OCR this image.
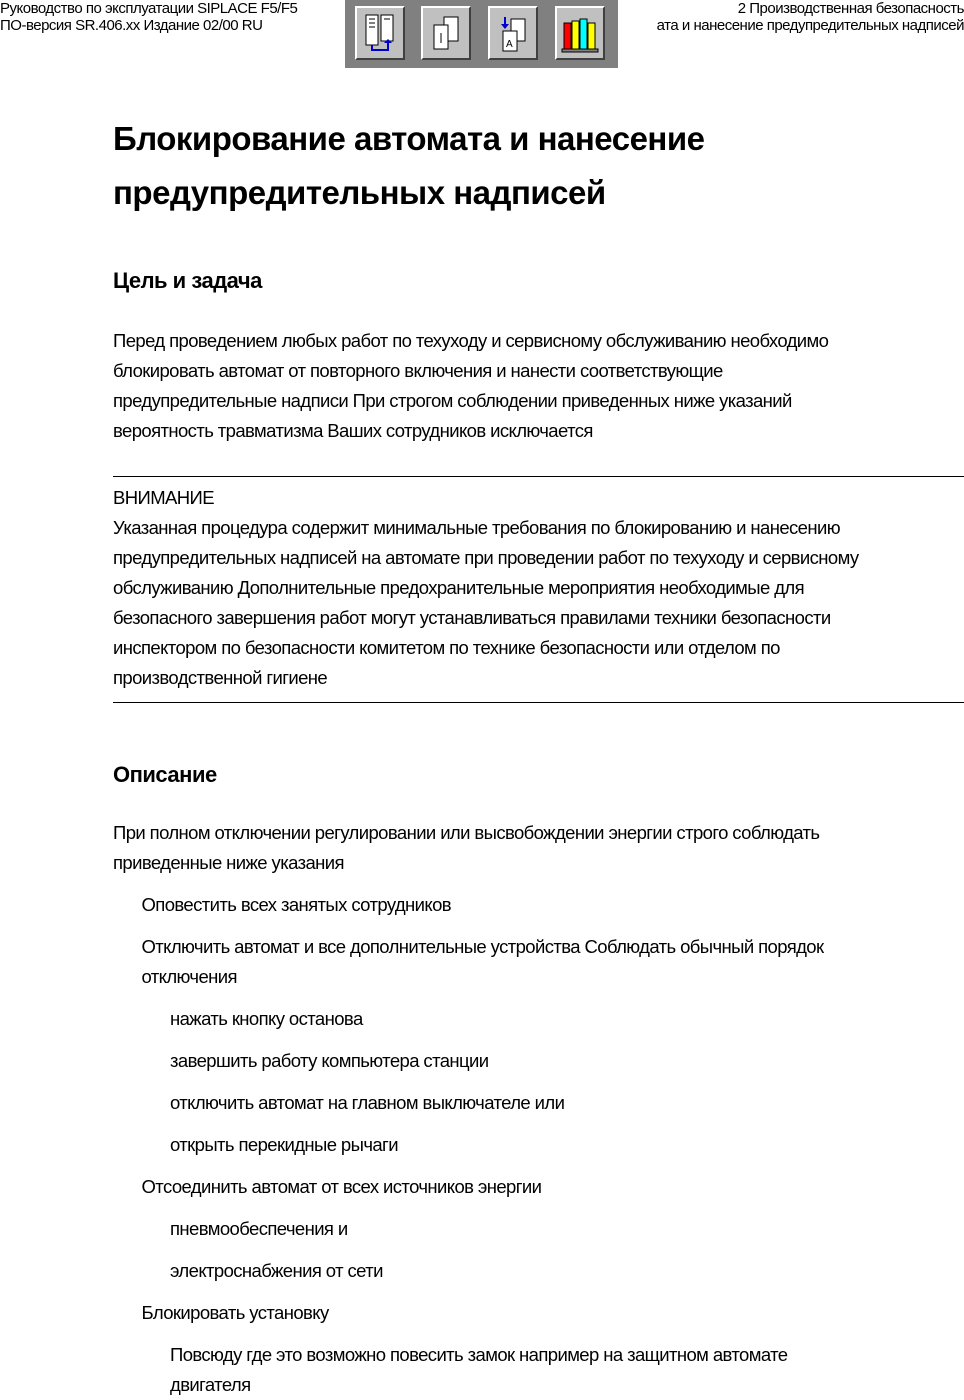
Руководство по эксплуатации SIPLACE F5/F5
ПО-версия SR.406.xx Издание 02/00 RU
2 Производственная безопасность
ата и нанесение предупредительных надписей
A
Блокирование автомата и нанесение
предупредительных надписей
Цель и задача
Перед проведением любых работ по техуходу и сервисному обслуживанию необходимо
блокировать автомат от повторного включения и нанести соответствующие
предупредительные надписи При строгом соблюдении приведенных ниже указаний
вероятность травматизма Ваших сотрудников исключается
ВНИМАНИЕ
Указанная процедура содержит минимальные требования по блокированию и нанесению
предупредительных надписей на автомате при проведении работ по техуходу и сервисному
обслуживанию Дополнительные предохранительные мероприятия необходимые для
безопасного завершения работ могут устанавливаться правилами техники безопасности
инспектором по безопасности комитетом по технике безопасности или отделом по
производственной гигиене
Описание
При полном отключении регулировании или высвобождении энергии строго соблюдать
приведенные ниже указания
Оповестить всех занятых сотрудников
Отключить автомат и все дополнительные устройства Соблюдать обычный порядок
отключения
нажать кнопку останова
завершить работу компьютера станции
отключить автомат на главном выключателе или
открыть перекидные рычаги
Отсоединить автомат от всех источников энергии
пневмообеспечения и
электроснабжения от сети
Блокировать установку
Повсюду где это возможно повесить замок например на защитном автомате
двигателя
